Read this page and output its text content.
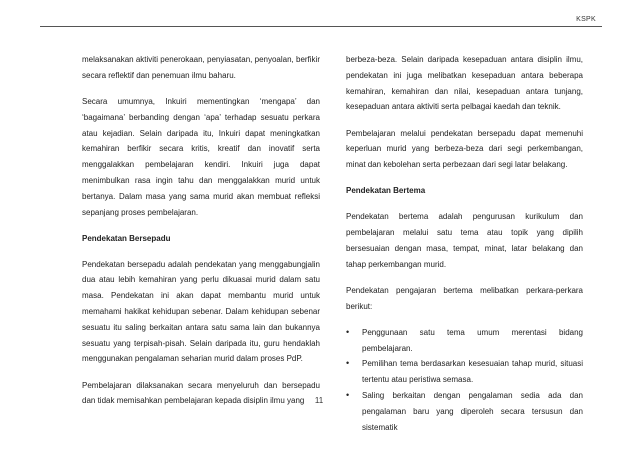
KSPK

melaksanakan aktiviti penerokaan, penyiasatan, penyoalan, berfikir secara reflektif dan penemuan ilmu baharu.

Secara umumnya, Inkuiri mementingkan ‘mengapa’ dan ‘bagaimana’ berbanding dengan ‘apa’ terhadap sesuatu perkara atau kejadian. Selain daripada itu, Inkuiri dapat meningkatkan kemahiran berfikir secara kritis, kreatif dan inovatif serta menggalakkan pembelajaran kendiri. Inkuiri juga dapat menimbulkan rasa ingin tahu dan menggalakkan murid untuk bertanya. Dalam masa yang sama murid akan membuat refleksi sepanjang proses pembelajaran.

Pendekatan Bersepadu

Pendekatan bersepadu adalah pendekatan yang menggabungjalin dua atau lebih kemahiran yang perlu dikuasai murid dalam satu masa. Pendekatan ini akan dapat membantu murid untuk memahami hakikat kehidupan sebenar. Dalam kehidupan sebenar sesuatu itu saling berkaitan antara satu sama lain dan bukannya sesuatu yang terpisah-pisah. Selain daripada itu, guru hendaklah menggunakan pengalaman seharian murid dalam proses PdP.

Pembelajaran dilaksanakan secara menyeluruh dan bersepadu dan tidak memisahkan pembelajaran kepada disiplin ilmu yang

berbeza-beza. Selain daripada kesepaduan antara disiplin ilmu, pendekatan ini juga melibatkan kesepaduan antara beberapa kemahiran, kemahiran dan nilai, kesepaduan antara tunjang, kesepaduan antara aktiviti serta pelbagai kaedah dan teknik.

Pembelajaran melalui pendekatan bersepadu dapat memenuhi keperluan murid yang berbeza-beza dari segi perkembangan, minat dan kebolehan serta perbezaan dari segi latar belakang.

Pendekatan Bertema

Pendekatan bertema adalah pengurusan kurikulum dan pembelajaran melalui satu tema atau topik yang dipilih bersesuaian dengan masa, tempat, minat, latar belakang dan tahap perkembangan murid.

Pendekatan pengajaran bertema melibatkan perkara-perkara berikut:

• Penggunaan satu tema umum merentasi bidang pembelajaran.
• Pemilihan tema berdasarkan kesesuaian tahap murid, situasi tertentu atau peristiwa semasa.
• Saling berkaitan dengan pengalaman sedia ada dan pengalaman baru yang diperoleh secara tersusun dan sistematik
11
